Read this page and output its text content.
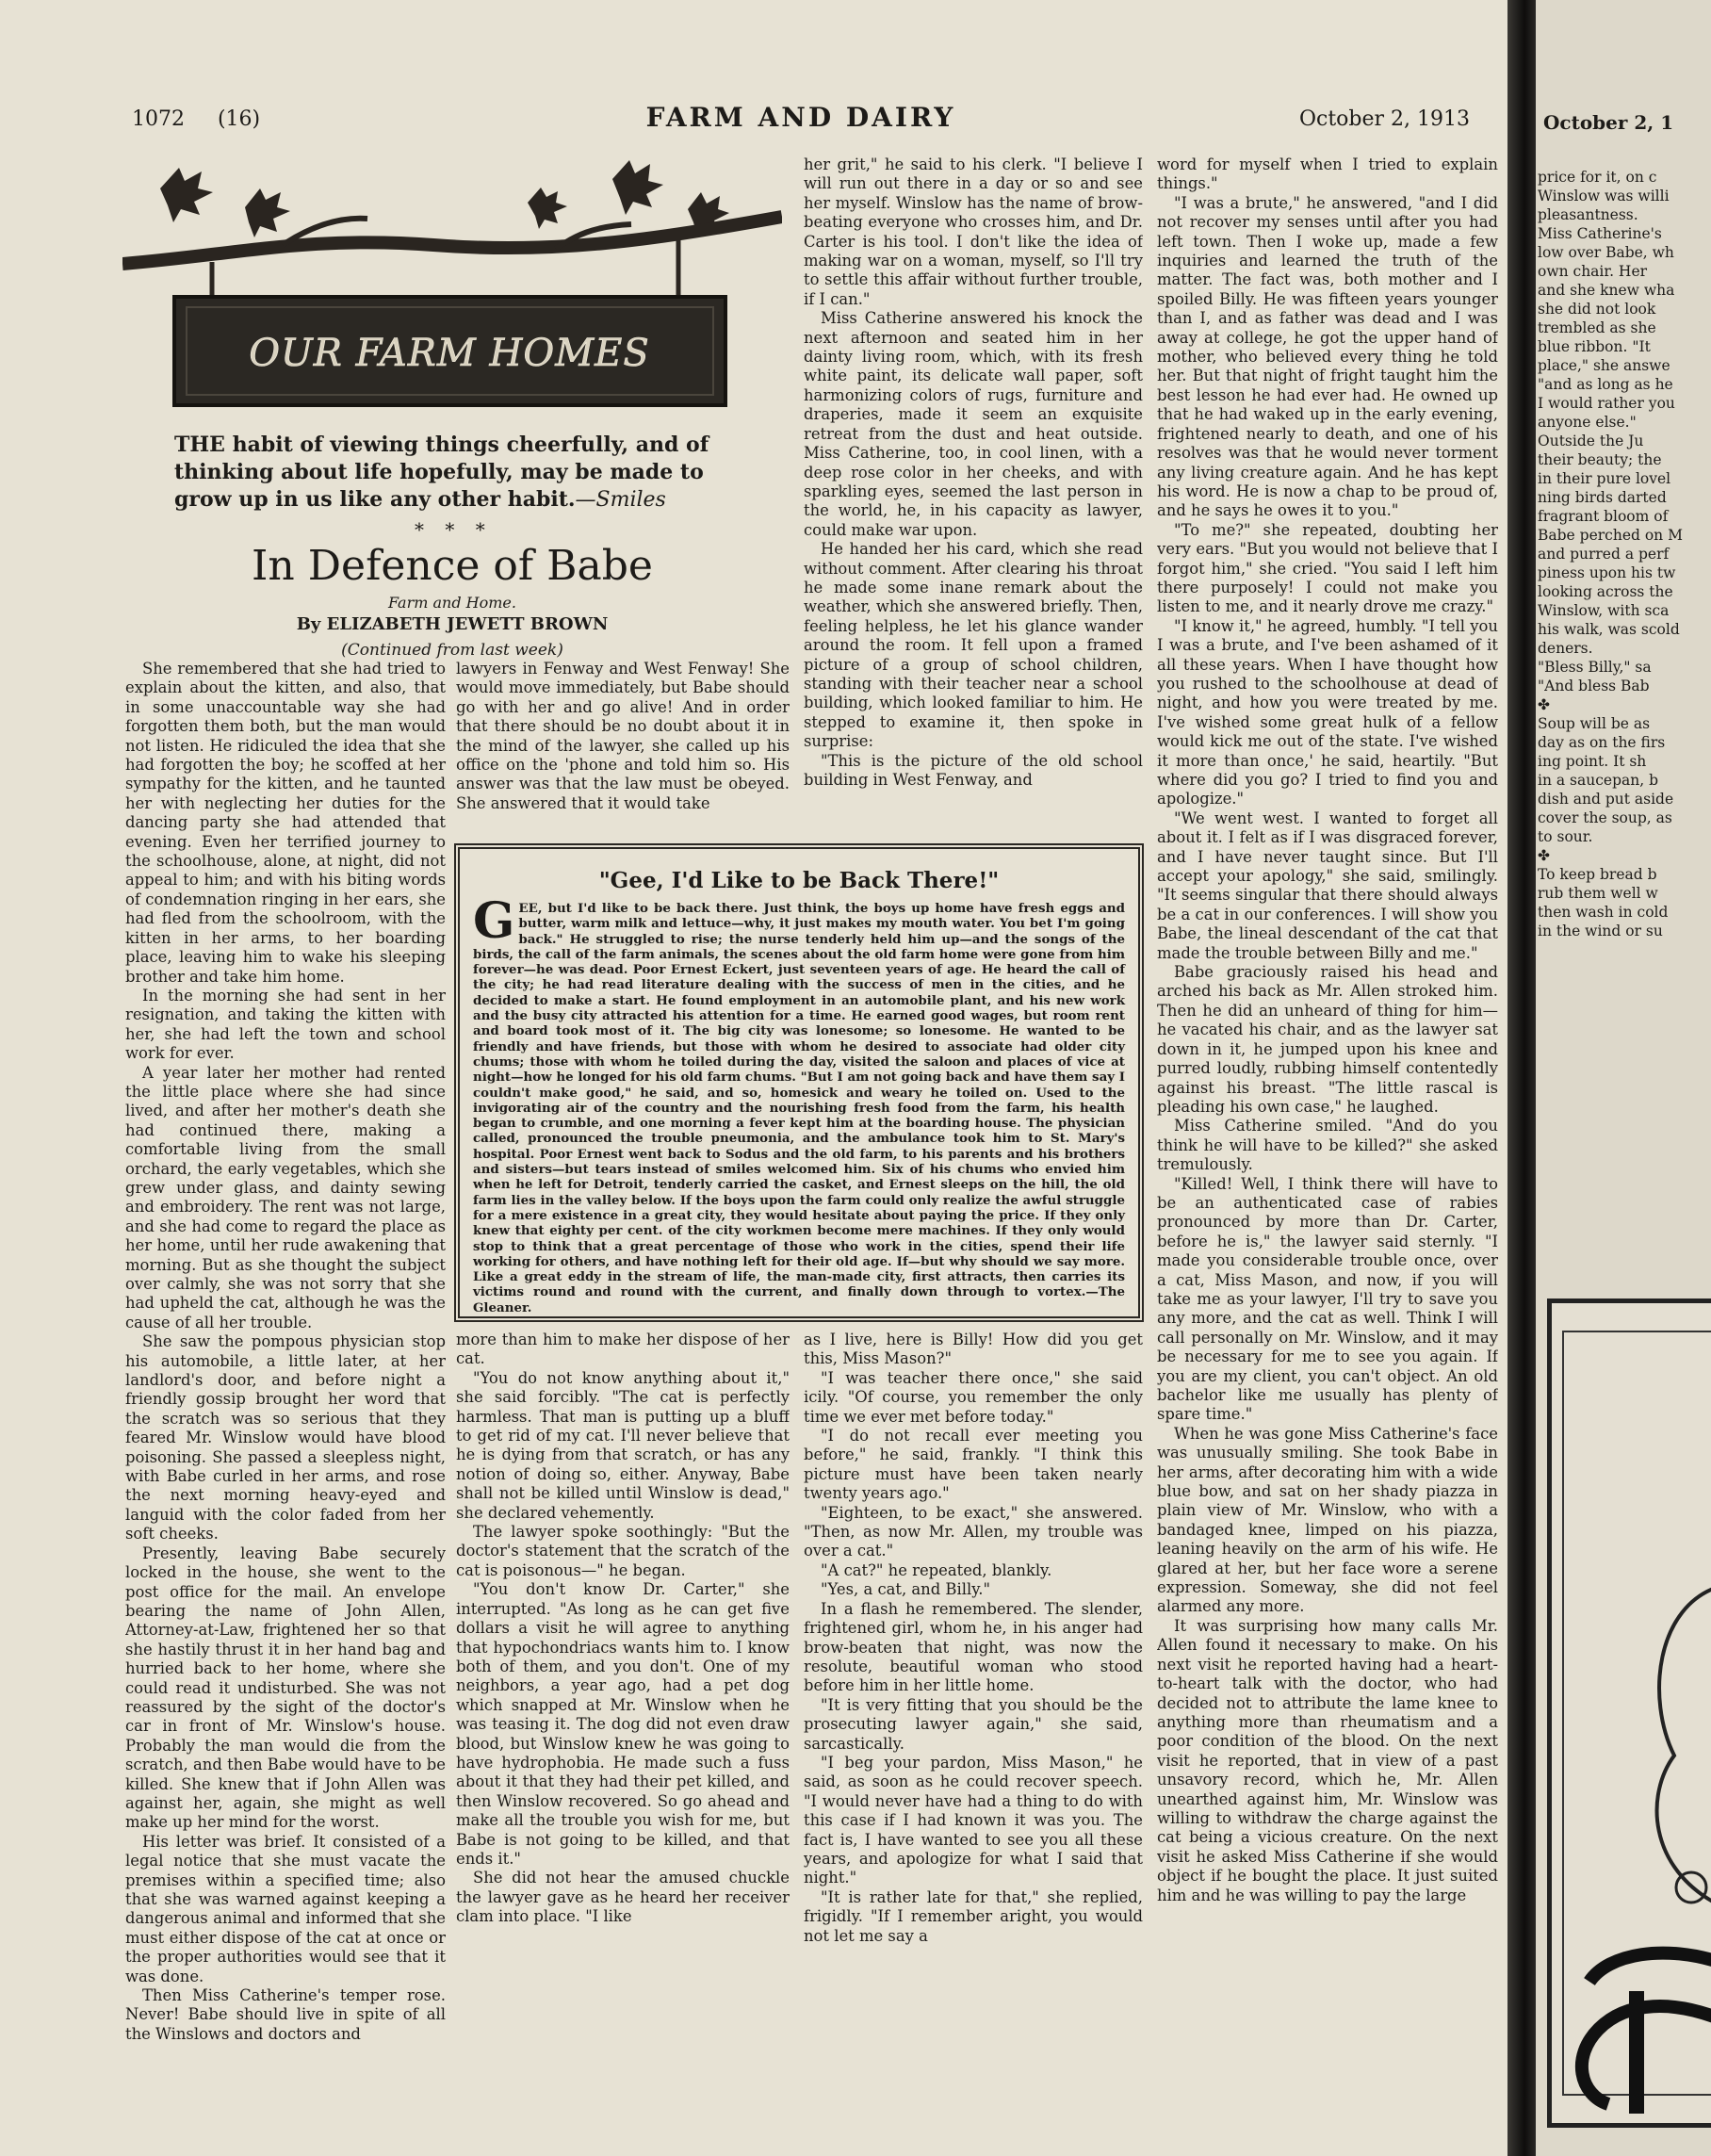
1072 (16)	FARM AND DAIRY	October 2, 1913
OUR FARM HOMES
THE habit of viewing things cheerfully, and of thinking about life hopefully, may be made to grow up in us like any other habit.—Smiles
* * *
In Defence of Babe
Farm and Home.
By ELIZABETH JEWETT BROWN
(Continued from last week)

She remembered that she had tried to explain about the kitten, and also, that in some unaccountable way she had forgotten them both, but the man would not listen. He ridiculed the idea that she had forgotten the boy; he scoffed at her sympathy for the kitten, and he taunted her with neglecting her duties for the dancing party she had attended that evening. Even her terrified journey to the schoolhouse, alone, at night, did not appeal to him; and with his biting words of condemnation ringing in her ears, she had fled from the schoolroom, with the kitten in her arms, to her boarding place, leaving him to wake his sleeping brother and take him home.

In the morning she had sent in her resignation, and taking the kitten with her, she had left the town and school work for ever.

A year later her mother had rented the little place where she had since lived, and after her mother's death she had continued there, making a comfortable living from the small orchard, the early vegetables, which she grew under glass, and dainty sewing and embroidery. The rent was not large, and she had come to regard the place as her home, until her rude awakening that morning. But as she thought the subject over calmly, she was not sorry that she had upheld the cat, although he was the cause of all her trouble.

She saw the pompous physician stop his automobile, a little later, at her landlord's door, and before night a friendly gossip brought her word that the scratch was so serious that they feared Mr. Winslow would have blood poisoning. She passed a sleepless night, with Babe curled in her arms, and rose the next morning heavy-eyed and languid with the color faded from her soft cheeks.

Presently, leaving Babe securely locked in the house, she went to the post office for the mail. An envelope bearing the name of John Allen, Attorney-at-Law, frightened her so that she hastily thrust it in her hand bag and hurried back to her home, where she could read it undisturbed. She was not reassured by the sight of the doctor's car in front of Mr. Winslow's house. Probably the man would die from the scratch, and then Babe would have to be killed. She knew that if John Allen was against her, again, she might as well make up her mind for the worst.

His letter was brief. It consisted of a legal notice that she must vacate the premises within a specified time; also that she was warned against keeping a dangerous animal and informed that she must either dispose of the cat at once or the proper authorities would see that it was done.

Then Miss Catherine's temper rose. Never! Babe should live in spite of all the Winslows and doctors and

lawyers in Fenway and West Fenway! She would move immediately, but Babe should go with her and go alive! And in order that there should be no doubt about it in the mind of the lawyer, she called up his office on the 'phone and told him so. His answer was that the law must be obeyed. She answered that it would take

her grit," he said to his clerk. "I believe I will run out there in a day or so and see her myself. Winslow has the name of brow-beating everyone who crosses him, and Dr. Carter is his tool. I don't like the idea of making war on a woman, myself, so I'll try to settle this affair without further trouble, if I can."

Miss Catherine answered his knock the next afternoon and seated him in her dainty living room, which, with its fresh white paint, its delicate wall paper, soft harmonizing colors of rugs, furniture and draperies, made it seem an exquisite retreat from the dust and heat outside. Miss Catherine, too, in cool linen, with a deep rose color in her cheeks, and with sparkling eyes, seemed the last person in the world, he, in his capacity as lawyer, could make war upon.

He handed her his card, which she read without comment. After clearing his throat he made some inane remark about the weather, which she answered briefly. Then, feeling helpless, he let his glance wander around the room. It fell upon a framed picture of a group of school children, standing with their teacher near a school building, which looked familiar to him. He stepped to examine it, then spoke in surprise:

"This is the picture of the old school building in West Fenway, and

"Gee, I'd Like to be Back There!"
GEE, but I'd like to be back there. Just think, the boys up home have fresh eggs and butter, warm milk and lettuce—why, it just makes my mouth water. You bet I'm going back." He struggled to rise; the nurse tenderly held him up—and the songs of the birds, the call of the farm animals, the scenes about the old farm home were gone from him forever—he was dead. Poor Ernest Eckert, just seventeen years of age. He heard the call of the city; he had read literature dealing with the success of men in the cities, and he decided to make a start. He found employment in an automobile plant, and his new work and the busy city attracted his attention for a time. He earned good wages, but room rent and board took most of it. The big city was lonesome; so lonesome. He wanted to be friendly and have friends, but those with whom he desired to associate had older city chums; those with whom he toiled during the day, visited the saloon and places of vice at night—how he longed for his old farm chums. "But I am not going back and have them say I couldn't make good," he said, and so, homesick and weary he toiled on. Used to the invigorating air of the country and the nourishing fresh food from the farm, his health began to crumble, and one morning a fever kept him at the boarding house. The physician called, pronounced the trouble pneumonia, and the ambulance took him to St. Mary's hospital. Poor Ernest went back to Sodus and the old farm, to his parents and his brothers and sisters—but tears instead of smiles welcomed him. Six of his chums who envied him when he left for Detroit, tenderly carried the casket, and Ernest sleeps on the hill, the old farm lies in the valley below. If the boys upon the farm could only realize the awful struggle for a mere existence in a great city, they would hesitate about paying the price. If they only knew that eighty per cent. of the city workmen become mere machines. If they only would stop to think that a great percentage of those who work in the cities, spend their life working for others, and have nothing left for their old age. If—but why should we say more. Like a great eddy in the stream of life, the man-made city, first attracts, then carries its victims round and round with the current, and finally down through to vortex.—The Gleaner.

more than him to make her dispose of her cat.

"You do not know anything about it," she said forcibly. "The cat is perfectly harmless. That man is putting up a bluff to get rid of my cat. I'll never believe that he is dying from that scratch, or has any notion of doing so, either. Anyway, Babe shall not be killed until Winslow is dead," she declared vehemently.

The lawyer spoke soothingly: "But the doctor's statement that the scratch of the cat is poisonous—" he began.

"You don't know Dr. Carter," she interrupted. "As long as he can get five dollars a visit he will agree to anything that hypochondriacs wants him to. I know both of them, and you don't. One of my neighbors, a year ago, had a pet dog which snapped at Mr. Winslow when he was teasing it. The dog did not even draw blood, but Winslow knew he was going to have hydrophobia. He made such a fuss about it that they had their pet killed, and then Winslow recovered. So go ahead and make all the trouble you wish for me, but Babe is not going to be killed, and that ends it."

She did not hear the amused chuckle the lawyer gave as he heard her receiver clam into place. "I like

as I live, here is Billy! How did you get this, Miss Mason?"

"I was teacher there once," she said icily. "Of course, you remember the only time we ever met before today."

"I do not recall ever meeting you before," he said, frankly. "I think this picture must have been taken nearly twenty years ago."

"Eighteen, to be exact," she answered. "Then, as now Mr. Allen, my trouble was over a cat."

"A cat?" he repeated, blankly.

"Yes, a cat, and Billy."

In a flash he remembered. The slender, frightened girl, whom he, in his anger had brow-beaten that night, was now the resolute, beautiful woman who stood before him in her little home.

"It is very fitting that you should be the prosecuting lawyer again," she said, sarcastically.

"I beg your pardon, Miss Mason," he said, as soon as he could recover speech. "I would never have had a thing to do with this case if I had known it was you. The fact is, I have wanted to see you all these years, and apologize for what I said that night."

"It is rather late for that," she replied, frigidly. "If I remember aright, you would not let me say a

word for myself when I tried to explain things."

"I was a brute," he answered, "and I did not recover my senses until after you had left town. Then I woke up, made a few inquiries and learned the truth of the matter. The fact was, both mother and I spoiled Billy. He was fifteen years younger than I, and as father was dead and I was away at college, he got the upper hand of mother, who believed every thing he told her. But that night of fright taught him the best lesson he had ever had. He owned up that he had waked up in the early evening, frightened nearly to death, and one of his resolves was that he would never torment any living creature again. And he has kept his word. He is now a chap to be proud of, and he says he owes it to you."

"To me?" she repeated, doubting her very ears. "But you would not believe that I forgot him," she cried. "You said I left him there purposely! I could not make you listen to me, and it nearly drove me crazy."

"I know it," he agreed, humbly. "I tell you I was a brute, and I've been ashamed of it all these years. When I have thought how you rushed to the schoolhouse at dead of night, and how you were treated by me. I've wished some great hulk of a fellow would kick me out of the state. I've wished it more than once,' he said, heartily. "But where did you go? I tried to find you and apologize."

"We went west. I wanted to forget all about it. I felt as if I was disgraced forever, and I have never taught since. But I'll accept your apology," she said, smilingly. "It seems singular that there should always be a cat in our conferences. I will show you Babe, the lineal descendant of the cat that made the trouble between Billy and me."

Babe graciously raised his head and arched his back as Mr. Allen stroked him. Then he did an unheard of thing for him—he vacated his chair, and as the lawyer sat down in it, he jumped upon his knee and purred loudly, rubbing himself contentedly against his breast. "The little rascal is pleading his own case," he laughed.

Miss Catherine smiled. "And do you think he will have to be killed?" she asked tremulously.

"Killed! Well, I think there will have to be an authenticated case of rabies pronounced by more than Dr. Carter, before he is," the lawyer said sternly. "I made you considerable trouble once, over a cat, Miss Mason, and now, if you will take me as your lawyer, I'll try to save you any more, and the cat as well. Think I will call personally on Mr. Winslow, and it may be necessary for me to see you again. If you are my client, you can't object. An old bachelor like me usually has plenty of spare time."

When he was gone Miss Catherine's face was unusually smiling. She took Babe in her arms, after decorating him with a wide blue bow, and sat on her shady piazza in plain view of Mr. Winslow, who with a bandaged knee, limped on his piazza, leaning heavily on the arm of his wife. He glared at her, but her face wore a serene expression. Someway, she did not feel alarmed any more.

It was surprising how many calls Mr. Allen found it necessary to make. On his next visit he reported having had a heart-to-heart talk with the doctor, who had decided not to attribute the lame knee to anything more than rheumatism and a poor condition of the blood. On the next visit he reported, that in view of a past unsavory record, which he, Mr. Allen unearthed against him, Mr. Winslow was willing to withdraw the charge against the cat being a vicious creature. On the next visit he asked Miss Catherine if she would object if he bought the place. It just suited him and he was willing to pay the large

October 2, 1

price for it, on c

Winslow was willi

pleasantness.

Miss Catherine's

low over Babe, wh

own chair. Her

and she knew wha

she did not look

trembled as she

blue ribbon. "It

place," she answe

"and as long as he

I would rather you

anyone else."

Outside the Ju

their beauty; the

in their pure lovel

ning birds darted

fragrant bloom of

Babe perched on M

and purred a perf

piness upon his tw

looking across the

Winslow, with sca

his walk, was scold

deners.

"Bless Billy," sa

"And bless Bab

✤

Soup will be as

day as on the firs

ing point. It sh

in a saucepan, b

dish and put aside

cover the soup, as

to sour.

✤

To keep bread b

rub them well w

then wash in cold

in the wind or su
